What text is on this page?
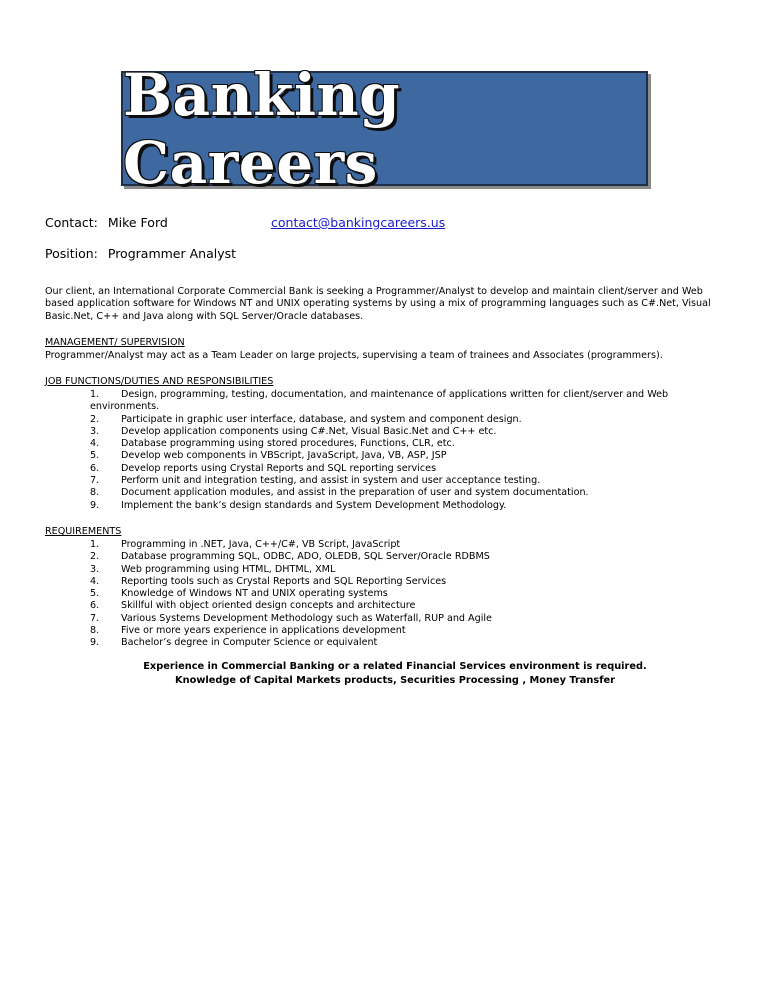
Banking Careers
Contact: Mike Ford	contact@bankingcareers.us
Position: Programmer Analyst
Our client, an International Corporate Commercial Bank is seeking a Programmer/Analyst to develop and maintain client/server and Web based application software for Windows NT and UNIX operating systems by using a mix of programming languages such as C#.Net, Visual Basic.Net, C++ and Java along with SQL Server/Oracle databases.
MANAGEMENT/ SUPERVISION
Programmer/Analyst may act as a Team Leader on large projects, supervising a team of trainees and Associates (programmers).
JOB FUNCTIONS/DUTIES AND RESPONSIBILITIES
1. Design, programming, testing, documentation, and maintenance of applications written for client/server and Web
environments.
2. Participate in graphic user interface, database, and system and component design.
3. Develop application components using C#.Net, Visual Basic.Net and C++ etc.
4. Database programming using stored procedures, Functions, CLR, etc.
5. Develop web components in VBScript, JavaScript, Java, VB, ASP, JSP
6. Develop reports using Crystal Reports and SQL reporting services
7. Perform unit and integration testing, and assist in system and user acceptance testing.
8. Document application modules, and assist in the preparation of user and system documentation.
9. Implement the bank’s design standards and System Development Methodology.
REQUIREMENTS
1. Programming in .NET, Java, C++/C#, VB Script, JavaScript
2. Database programming SQL, ODBC, ADO, OLEDB, SQL Server/Oracle RDBMS
3. Web programming using HTML, DHTML, XML
4. Reporting tools such as Crystal Reports and SQL Reporting Services
5. Knowledge of Windows NT and UNIX operating systems
6. Skillful with object oriented design concepts and architecture
7. Various Systems Development Methodology such as Waterfall, RUP and Agile
8. Five or more years experience in applications development
9. Bachelor’s degree in Computer Science or equivalent
Experience in Commercial Banking or a related Financial Services environment is required.
Knowledge of Capital Markets products, Securities Processing , Money Transfer
